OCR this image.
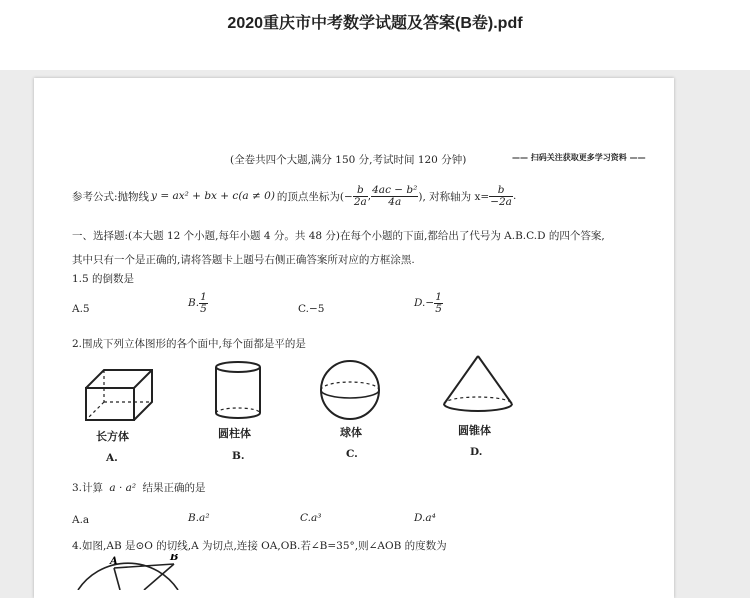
2020重庆市中考数学试题及答案(B卷).pdf
(全卷共四个大题,满分 150 分,考试时间 120 分钟)	—— 扫码关注获取更多学习资料 ——
参考公式:抛物线 y = ax² + bx + c(a ≠ 0) 的顶点坐标为(− $\frac{b}{2a}$ , $\frac{\text{4ac − b²}}{4a}$ ), 对称轴为 $x= \frac{b}{-2a}$ .
一、选择题:(本大题 12 个小题,每年小题 4 分。共 48 分)在每个小题的下面,都给出了代号为 A.B.C.D 的四个答案,
其中只有一个是正确的,请将答题卡上题号右侧正确答案所对应的方框涂黑.
1.5 的倒数是
A.5	B. $\frac{1}{5}$	C.−5	$D.- \frac{1}{5}$
2.围成下列立体图形的各个面中,每个面都是平的是
长方体	圆柱体	球体	圆锥体
A.	B.	C.	D.
3.计算 a · a² 结果正确的是
A.a	B.a²	C.a³	D.a⁴
4.如图,AB 是⊙O 的切线,A 为切点,连接 OA,OB.若∠B=35°,则∠AOB 的度数为
A	B
